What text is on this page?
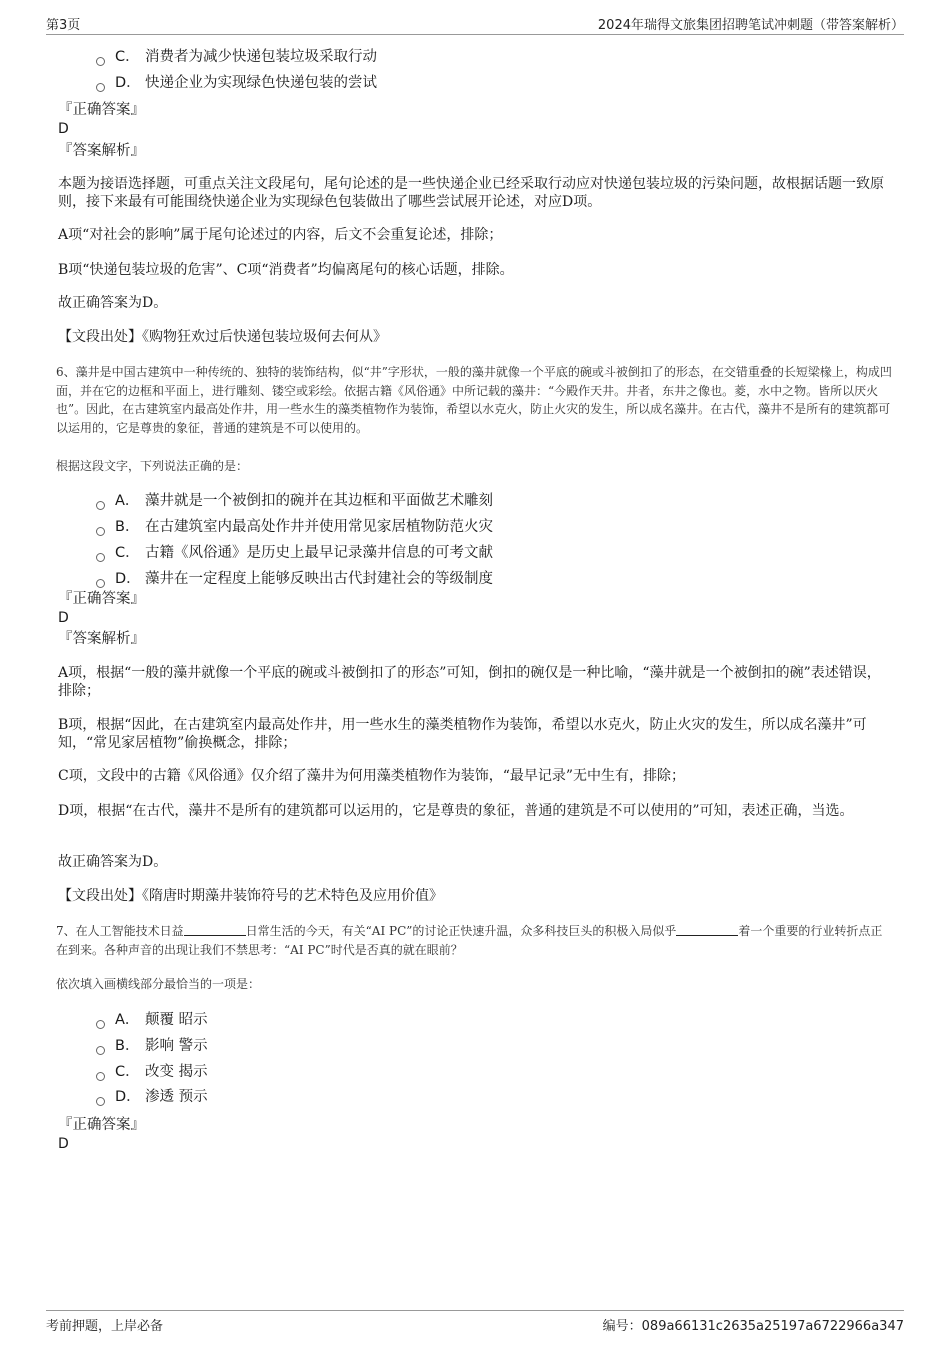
第3页	2024年瑞得文旅集团招聘笔试冲刺题（带答案解析）
C． 消费者为减少快递包装垃圾采取行动
D． 快递企业为实现绿色快递包装的尝试
『正确答案』
D
『答案解析』
本题为接语选择题，可重点关注文段尾句，尾句论述的是一些快递企业已经采取行动应对快递包装垃圾的污染问题，故根据话题一致原则，接下来最有可能围绕快递企业为实现绿色包装做出了哪些尝试展开论述，对应D项。
A项“对社会的影响”属于尾句论述过的内容，后文不会重复论述，排除；
B项“快递包装垃圾的危害”、C项“消费者”均偏离尾句的核心话题，排除。
故正确答案为D。
【文段出处】《购物狂欢过后快递包装垃圾何去何从》
6、藻井是中国古建筑中一种传统的、独特的装饰结构，似“井”字形状，一般的藻井就像一个平底的碗或斗被倒扣了的形态，在交错重叠的长短梁椽上，构成凹面，并在它的边框和平面上，进行雕刻、镂空或彩绘。依据古籍《风俗通》中所记载的藻井：“今殿作天井。井者，东井之像也。菱，水中之物。皆所以厌火也”。因此，在古建筑室内最高处作井，用一些水生的藻类植物作为装饰，希望以水克火，防止火灾的发生，所以成名藻井。在古代，藻井不是所有的建筑都可以运用的，它是尊贵的象征，普通的建筑是不可以使用的。
根据这段文字，下列说法正确的是：
A． 藻井就是一个被倒扣的碗并在其边框和平面做艺术雕刻
B． 在古建筑室内最高处作井并使用常见家居植物防范火灾
C． 古籍《风俗通》是历史上最早记录藻井信息的可考文献
D． 藻井在一定程度上能够反映出古代封建社会的等级制度
『正确答案』
D
『答案解析』
A项，根据“一般的藻井就像一个平底的碗或斗被倒扣了的形态”可知，倒扣的碗仅是一种比喻，“藻井就是一个被倒扣的碗”表述错误，排除；
B项，根据“因此，在古建筑室内最高处作井，用一些水生的藻类植物作为装饰，希望以水克火，防止火灾的发生，所以成名藻井”可知，“常见家居植物”偷换概念，排除；
C项，文段中的古籍《风俗通》仅介绍了藻井为何用藻类植物作为装饰，“最早记录”无中生有，排除；
D项，根据“在古代，藻井不是所有的建筑都可以运用的，它是尊贵的象征，普通的建筑是不可以使用的”可知，表述正确，当选。
故正确答案为D。
【文段出处】《隋唐时期藻井装饰符号的艺术特色及应用价值》
7、在人工智能技术日益	日常生活的今天，有关“AI PC”的讨论正快速升温，众多科技巨头的积极入局似乎	着一个重要的行业转折点正在到来。各种声音的出现让我们不禁思考：“AI PC”时代是否真的就在眼前？
依次填入画横线部分最恰当的一项是：
A． 颠覆 昭示
B． 影响 警示
C． 改变 揭示
D． 渗透 预示
『正确答案』
D
考前押题，上岸必备	编号：089a66131c2635a25197a6722966a347
